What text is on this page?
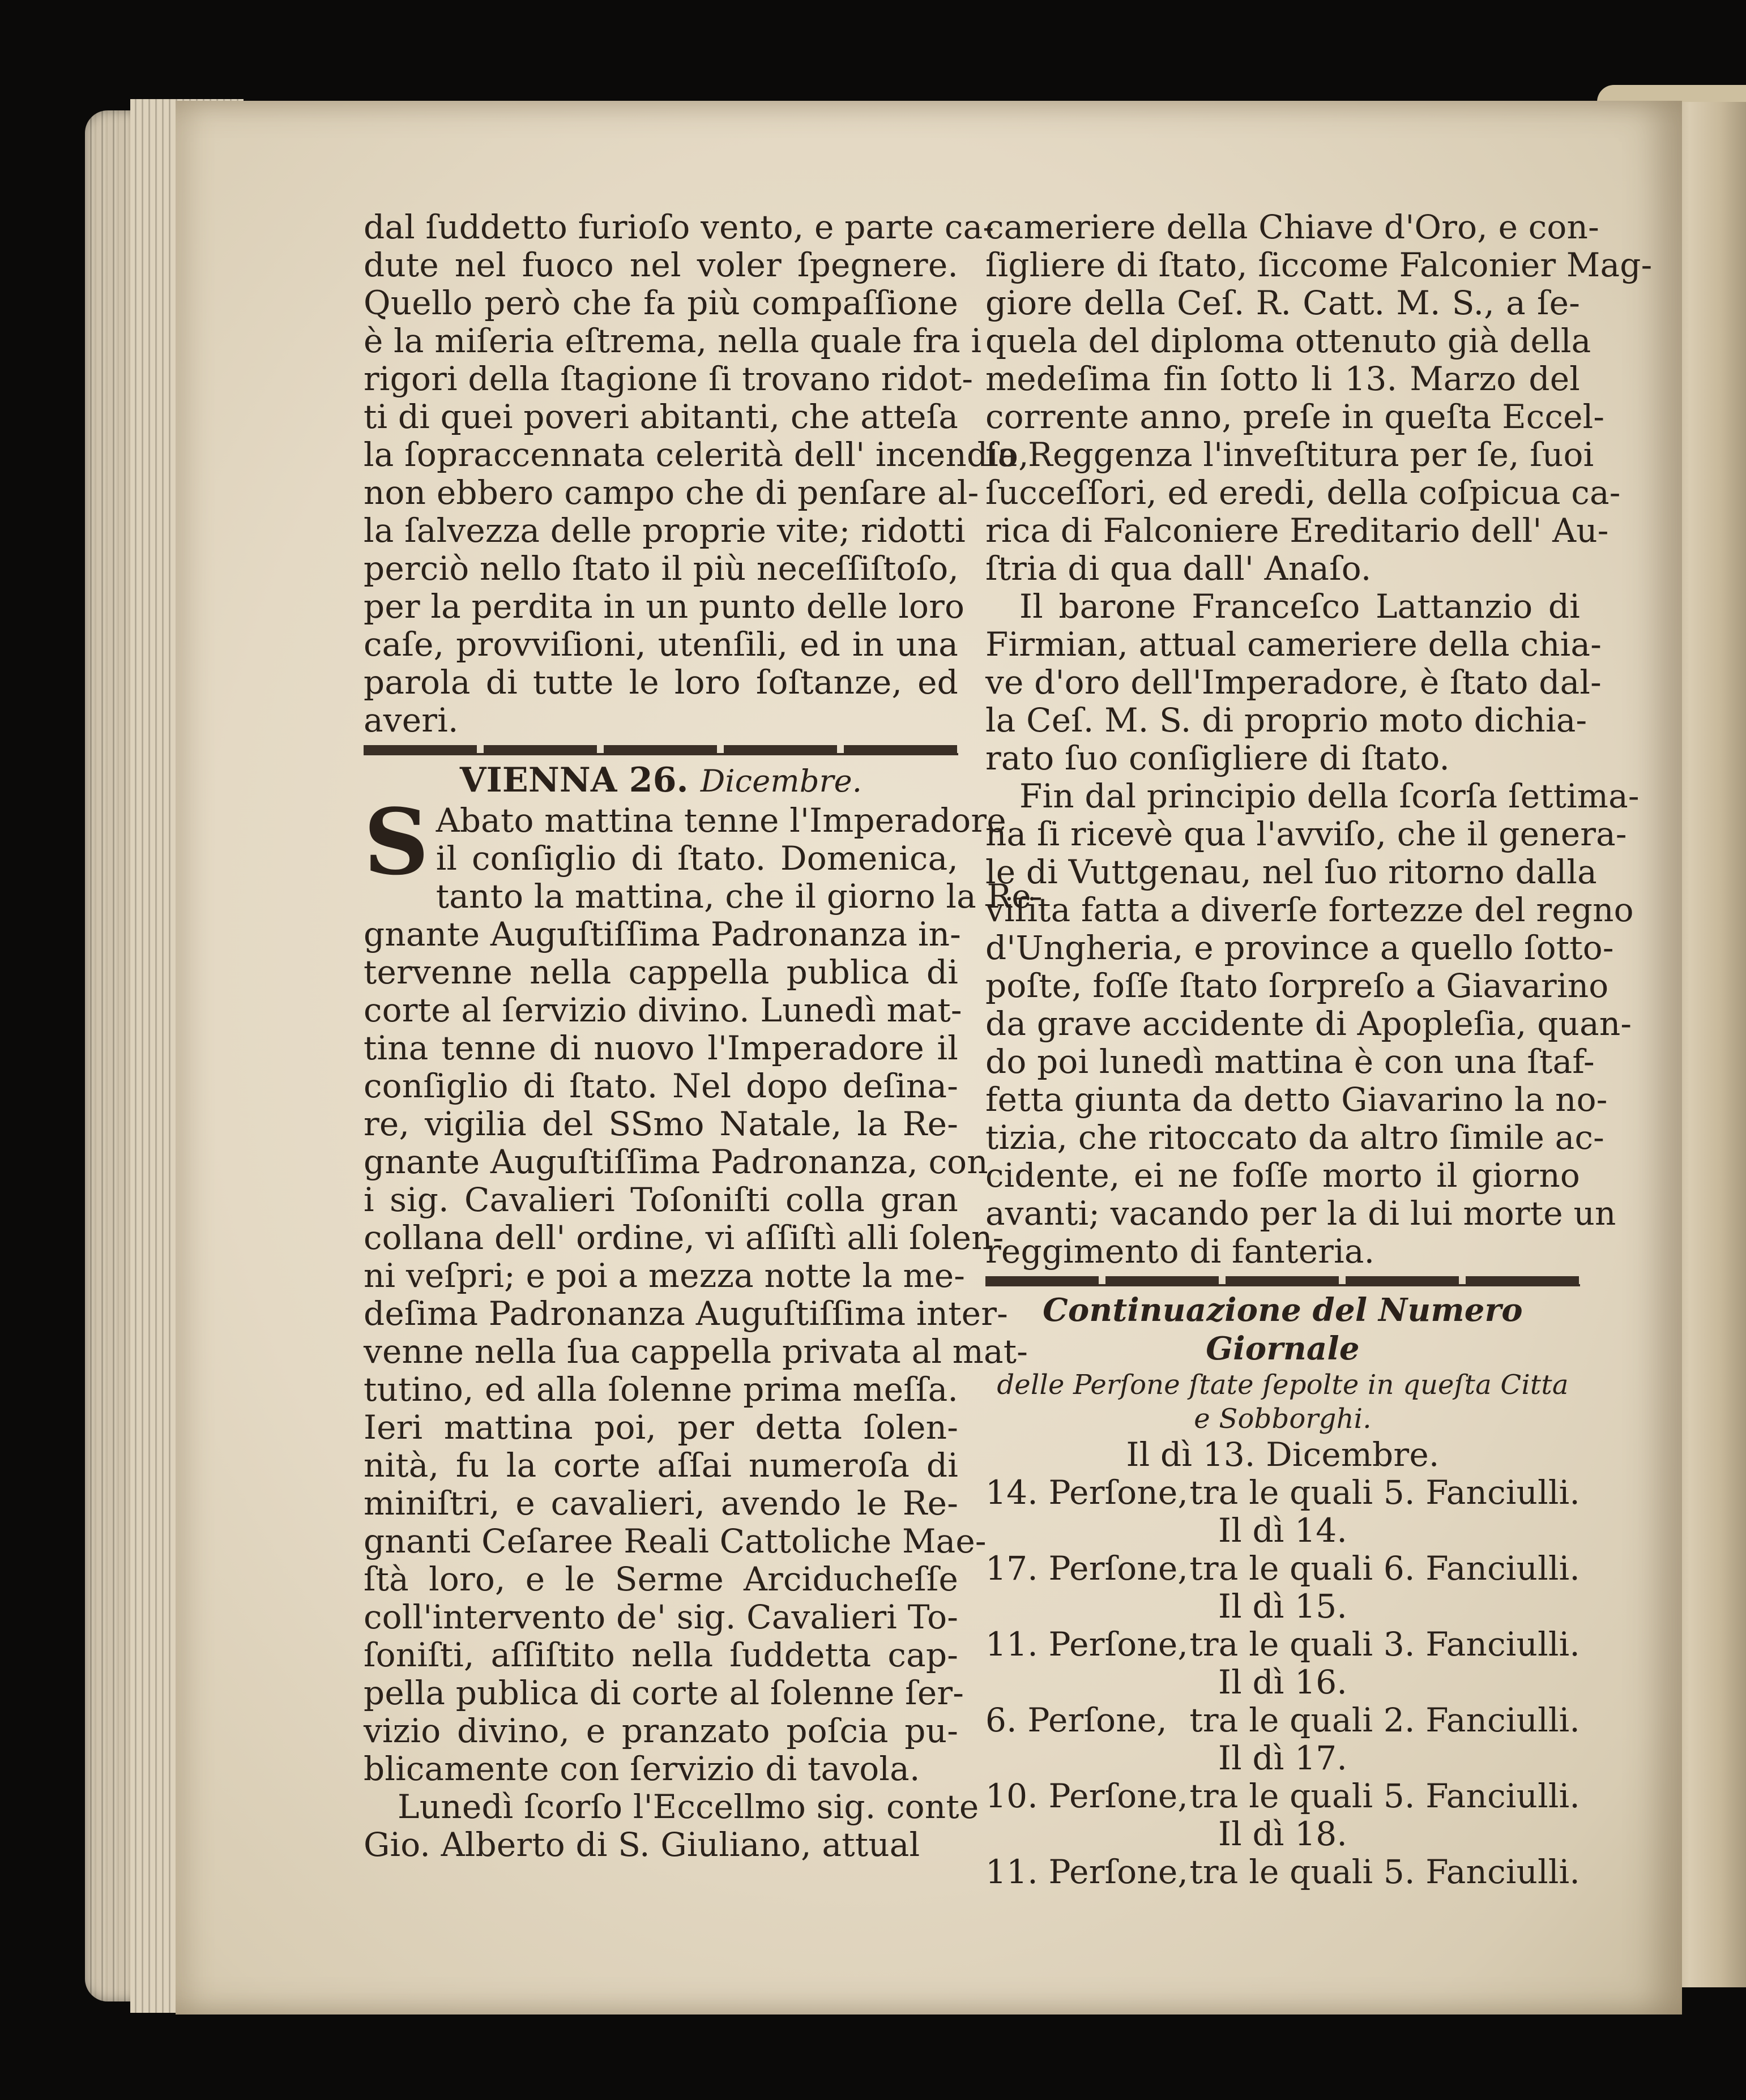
dal ſuddetto furioſo vento, e parte ca-
dute nel fuoco nel voler ſpegnere.
Quello però che fa più compaſſione
è la miſeria eſtrema, nella quale fra i
rigori della ſtagione ſi trovano ridot-
ti di quei poveri abitanti, che atteſa
la ſopraccennata celerità dell' incendio,
non ebbero campo che di penſare al-
la ſalvezza delle proprie vite; ridotti
perciò nello ſtato il più neceſſiſtoſo,
per la perdita in un punto delle loro
caſe, provviſioni, utenſili, ed in una
parola di tutte le loro ſoſtanze, ed
averi.

VIENNA 26. Dicembre.

S Abato mattina tenne l'Imperadore
il conſiglio di ſtato. Domenica,
tanto la mattina, che il giorno la Re-
gnante Auguſtiſſima Padronanza in-
tervenne nella cappella publica di
corte al ſervizio divino. Lunedì mat-
tina tenne di nuovo l'Imperadore il
conſiglio di ſtato. Nel dopo deſina-
re, vigilia del SSmo Natale, la Re-
gnante Auguſtiſſima Padronanza, con
i sig. Cavalieri Toſoniſti colla gran
collana dell' ordine, vi aſſiſtì alli ſolen-
ni veſpri; e poi a mezza notte la me-
deſima Padronanza Auguſtiſſima inter-
venne nella ſua cappella privata al mat-
tutino, ed alla ſolenne prima meſſa.
Ieri mattina poi, per detta ſolen-
nità, fu la corte aſſai numeroſa di
miniſtri, e cavalieri, avendo le Re-
gnanti Ceſaree Reali Cattoliche Mae-
ſtà loro, e le Serme Arciducheſſe
coll'intervento de' sig. Cavalieri To-
ſoniſti, aſſiſtito nella ſuddetta cap-
pella publica di corte al ſolenne ſer-
vizio divino, e pranzato poſcia pu-
blicamente con ſervizio di tavola.

Lunedì ſcorſo l'Eccellmo sig. conte
Gio. Alberto di S. Giuliano, attual

cameriere della Chiave d'Oro, e con-
ſigliere di ſtato, ſiccome Falconier Mag-
giore della Ceſ. R. Catt. M. S., a ſe-
quela del diploma ottenuto già della
medeſima fin ſotto li 13. Marzo del
corrente anno, preſe in queſta Eccel-
ſa Reggenza l'inveſtitura per ſe, ſuoi
ſucceſſori, ed eredi, della coſpicua ca-
rica di Falconiere Ereditario dell' Au-
ſtria di qua dall' Anaſo.

Il barone Franceſco Lattanzio di
Firmian, attual cameriere della chia-
ve d'oro dell'Imperadore, è ſtato dal-
la Ceſ. M. S. di proprio moto dichia-
rato ſuo conſigliere di ſtato.

Fin dal principio della ſcorſa ſettima-
na ſi ricevè qua l'avviſo, che il genera-
le di Vuttgenau, nel ſuo ritorno dalla
viſita fatta a diverſe fortezze del regno
d'Ungheria, e province a quello ſotto-
poſte, foſſe ſtato ſorpreſo a Giavarino
da grave accidente di Apopleſia, quan-
do poi lunedì mattina è con una ſtaf-
fetta giunta da detto Giavarino la no-
tizia, che ritoccato da altro ſimile ac-
cidente, ei ne foſſe morto il giorno
avanti; vacando per la di lui morte un
reggimento di fanteria.

Continuazione del Numero Giornale

delle Perſone ſtate ſepolte in queſta Citta

e Sobborghi.

Il dì 13. Dicembre.

14. Perſone, tra le quali 5. Fanciulli.

Il dì 14.

17. Perſone, tra le quali 6. Fanciulli.

Il dì 15.

11. Perſone, tra le quali 3. Fanciulli.

Il dì 16.

6. Perſone, tra le quali 2. Fanciulli.

Il dì 17.

10. Perſone, tra le quali 5. Fanciulli.

Il dì 18.

11. Perſone, tra le quali 5. Fanciulli.
